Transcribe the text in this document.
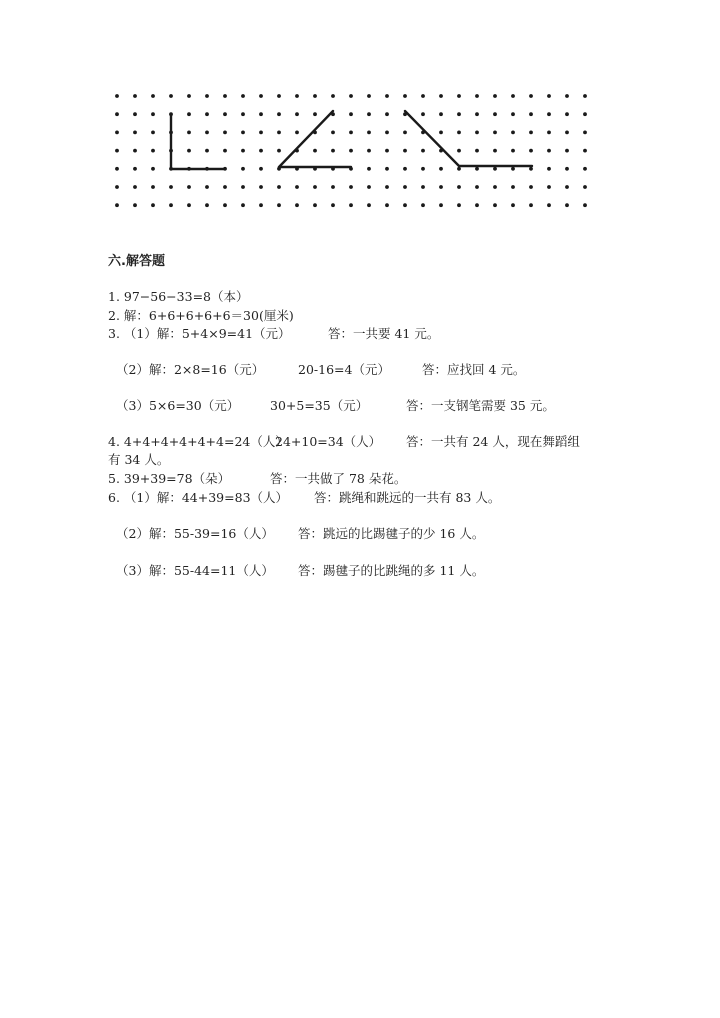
六.解答题
1. 97−56−33=8（本）
2. 解：6+6+6+6+6＝30(厘米)
3. （1）解：5+4×9=41（元）	答：一共要 41 元。
（2）解：2×8=16（元）	20-16=4（元）	答：应找回 4 元。
（3）5×6=30（元） 30+5=35（元）	答：一支钢笔需要 35 元。
4. 4+4+4+4+4+4=24（人）
24+10=34（人） 答：一共有 24 人，现在舞蹈组
有 34 人。
5. 39+39=78（朵）	答：一共做了 78 朵花。
6. （1）解：44+39=83（人） 答：跳绳和跳远的一共有 83 人。
（2）解：55-39=16（人） 答：跳远的比踢毽子的少 16 人。
（3）解：55-44=11（人） 答：踢毽子的比跳绳的多 11 人。
